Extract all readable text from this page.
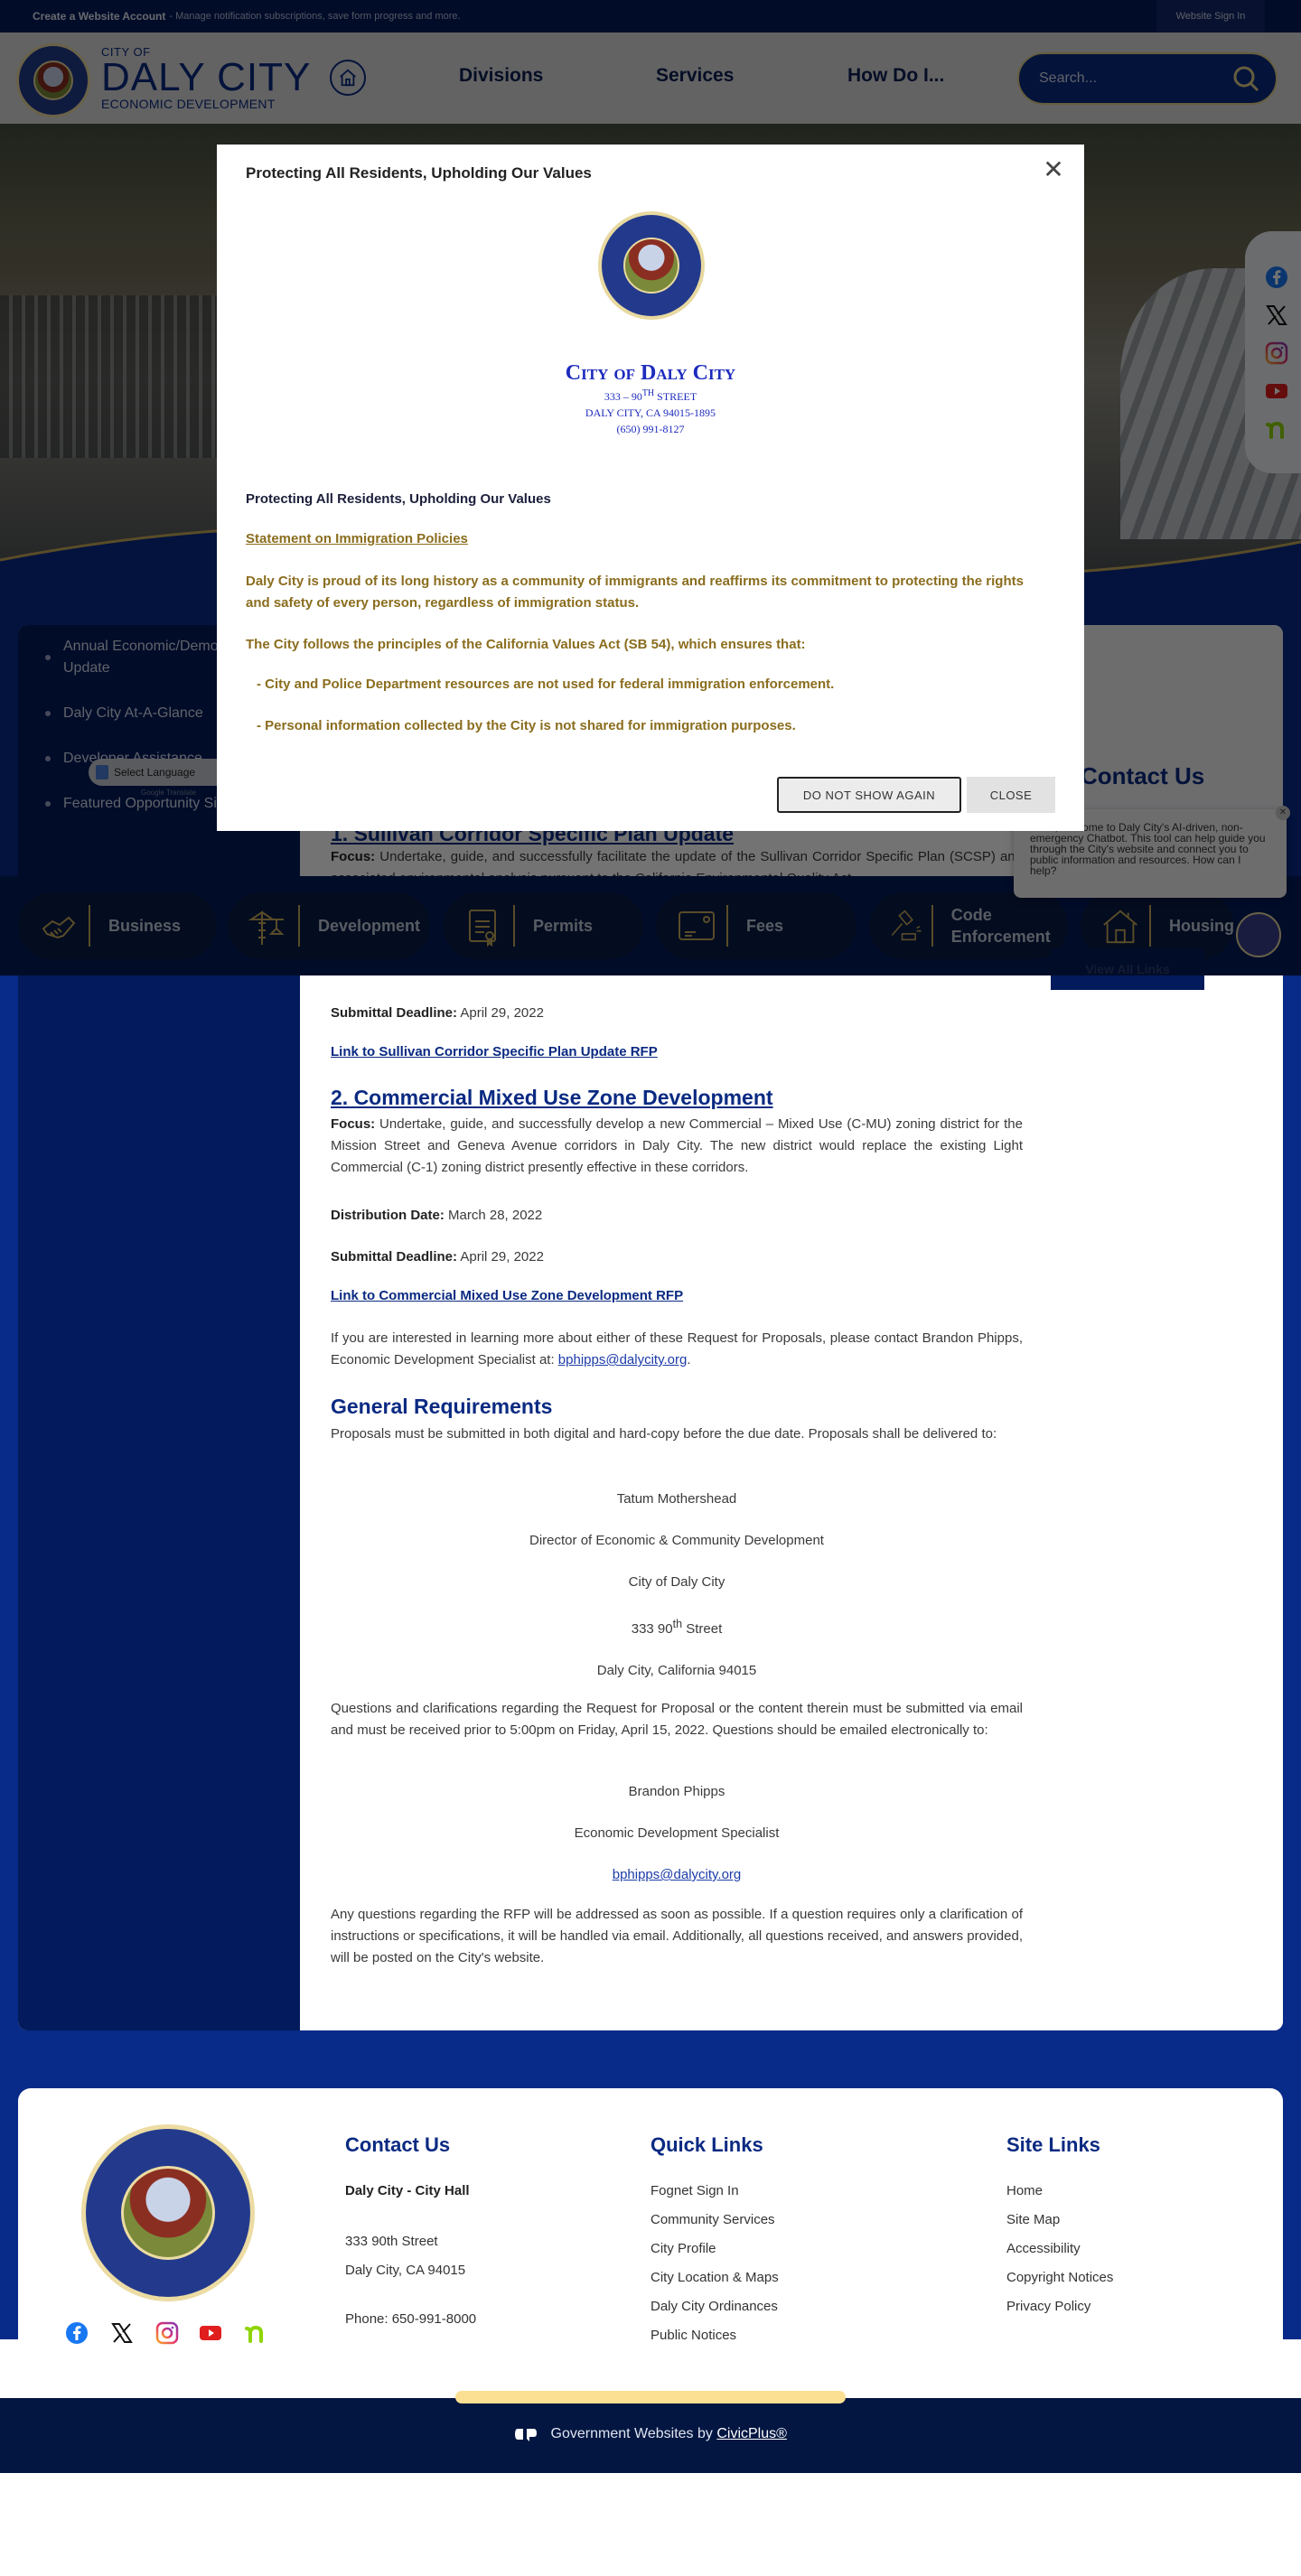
Search...

Submittal Deadline: April 29, 2022

Link to Sullivan Corridor Specific Plan Update RFP
2. Commercial Mixed Use Zone Development

Focus: Undertake, guide, and successfully develop a new Commercial – Mixed Use (C-MU) zoning district for the Mission Street and Geneva Avenue corridors in Daly City. The new district would replace the existing Light Commercial (C-1) zoning district presently effective in these corridors.

Distribution Date: March 28, 2022

Submittal Deadline: April 29, 2022

Link to Commercial Mixed Use Zone Development RFP

If you are interested in learning more about either of these Request for Proposals, please contact Brandon Phipps, Economic Development Specialist at: bphipps@dalycity.org.

General Requirements

Proposals must be submitted in both digital and hard-copy before the due date. Proposals shall be delivered to:

Tatum Mothershead
Director of Economic & Community Development
City of Daly City
333 90th Street
Daly City, California 94015

Questions and clarifications regarding the Request for Proposal or the content therein must be submitted via email and must be received prior to 5:00pm on Friday, April 15, 2022. Questions should be emailed electronically to:

Brandon Phipps
Economic Development Specialist
bphipps@dalycity.org

Any questions regarding the RFP will be addressed as soon as possible. If a question requires only a clarification of instructions or specifications, it will be handled via email. Additionally, all questions received, and answers provided, will be posted on the City's website.

Protecting All Residents, Upholding Our Values	✕
City of Daly City
333 – 90TH STREET
DALY CITY, CA 94015-1895
(650) 991-8127
Protecting All Residents, Upholding Our Values
Statement on Immigration Policies
Daly City is proud of its long history as a community of immigrants and reaffirms its commitment to protecting the rights and safety of every person, regardless of immigration status.
The City follows the principles of the California Values Act (SB 54), which ensures that:
- City and Police Department resources are not used for federal immigration enforcement.
- Personal information collected by the City is not shared for immigration purposes.
DO NOT SHOW AGAIN	CLOSE
Contact Us
Daly City - City Hall
333 90th Street
Daly City, CA 94015
Phone: 650-991-8000
Quick Links
Fognet Sign In
Community Services
City Profile
City Location & Maps
Daly City Ordinances
Public Notices
Site Links
Home
Site Map
Accessibility
Copyright Notices
Privacy Policy
Government Websites by CivicPlus®
